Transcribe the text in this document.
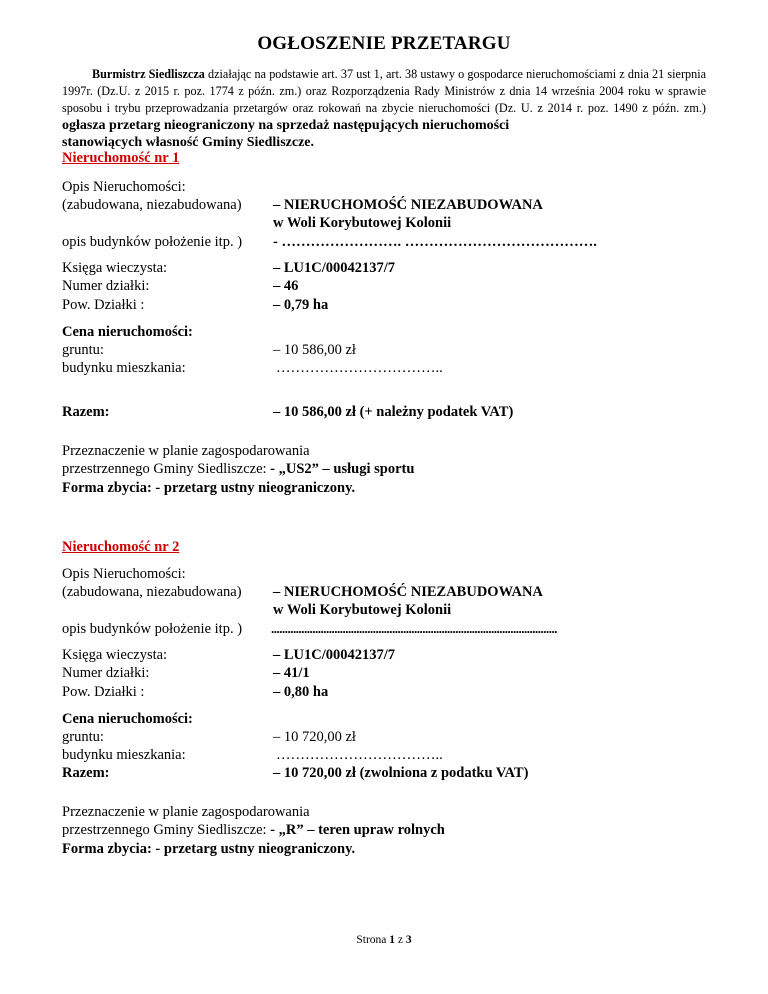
OGŁOSZENIE PRZETARGU
Burmistrz Siedliszcza działając na podstawie art. 37 ust 1, art. 38 ustawy o gospodarce nieruchomościami z dnia 21 sierpnia 1997r. (Dz.U. z 2015 r. poz. 1774 z późn. zm.) oraz Rozporządzenia Rady Ministrów z dnia 14 września 2004 roku w sprawie sposobu i trybu przeprowadzania przetargów oraz rokowań na zbycie nieruchomości (Dz. U. z 2014 r. poz. 1490 z późn. zm.) ogłasza przetarg nieograniczony na sprzedaż następujących nieruchomości
stanowiących własność Gminy Siedliszcze.
Nieruchomość nr 1
Opis Nieruchomości:
(zabudowana, niezabudowana) – NIERUCHOMOŚĆ NIEZABUDOWANA
w Woli Korybutowej Kolonii
opis budynków położenie itp. ) - ……………………. ………………………………….
Księga wieczysta:	– LU1C/00042137/7
Numer działki:	– 46
Pow. Działki :	– 0,79 ha
Cena nieruchomości:
gruntu:	– 10 586,00 zł
budynku mieszkania:	……………………………..
Razem:	– 10 586,00 zł (+ należny podatek VAT)
Przeznaczenie w planie zagospodarowania
przestrzennego Gminy Siedliszcze: - „US2” – usługi sportu
Forma zbycia: - przetarg ustny nieograniczony.
Nieruchomość nr 2
Opis Nieruchomości:
(zabudowana, niezabudowana) – NIERUCHOMOŚĆ NIEZABUDOWANA
w Woli Korybutowej Kolonii
opis budynków położenie itp. ) ........................................................................................................
Księga wieczysta:	– LU1C/00042137/7
Numer działki:	– 41/1
Pow. Działki :	– 0,80 ha
Cena nieruchomości:
gruntu:	– 10 720,00 zł
budynku mieszkania:	……………………………..
Razem:	– 10 720,00 zł (zwolniona z podatku VAT)
Przeznaczenie w planie zagospodarowania
przestrzennego Gminy Siedliszcze: - „R” – teren upraw rolnych
Forma zbycia: - przetarg ustny nieograniczony.
Strona 1 z 3
